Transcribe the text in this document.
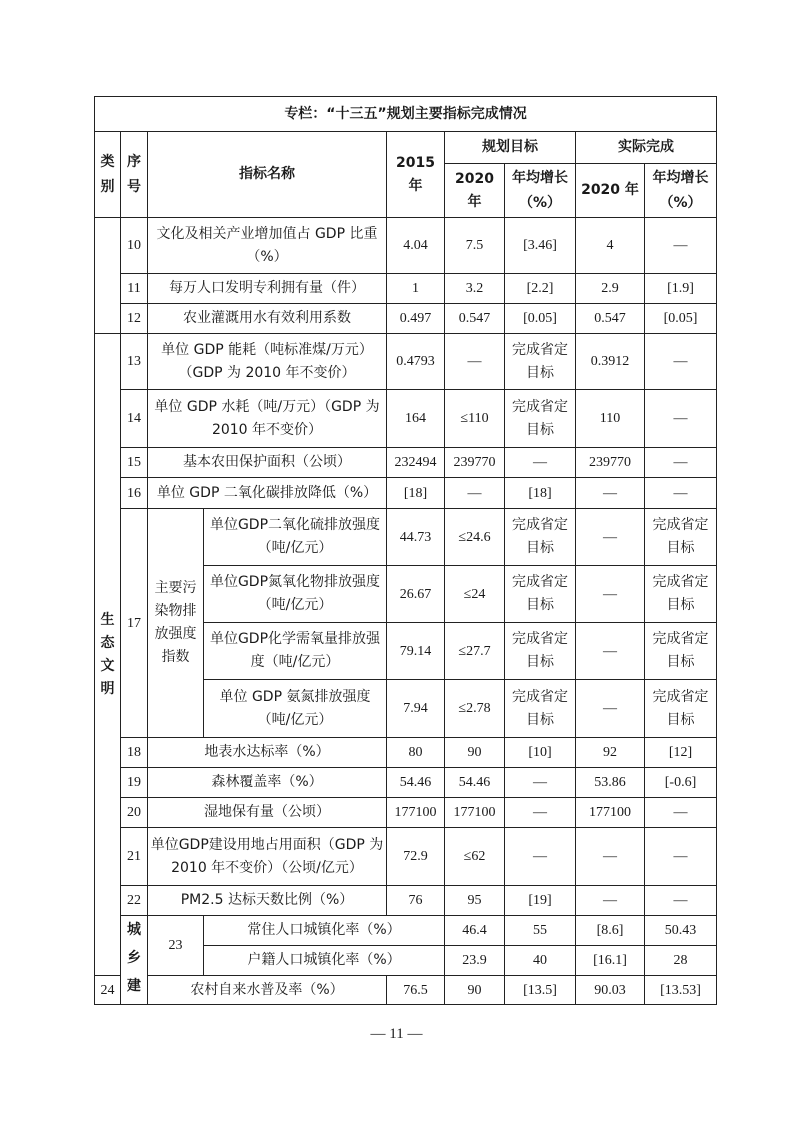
专栏：“十三五”规划主要指标完成情况									
类别	序号	指标名称		2015 年	规划目标		实际完成		
					2020 年	年均增长（%）	2020 年	年均增长（%）	
	10	文化及相关产业增加值占 GDP 比重（%）		4.04	7.5	[3.46]	4	—	
	11	每万人口发明专利拥有量（件）		1	3.2	[2.2]	2.9	[1.9]	
	12	农业灌溉用水有效利用系数		0.497	0.547	[0.05]	0.547	[0.05]	
生态文明	13	单位 GDP 能耗（吨标准煤/万元）（GDP 为 2010 年不变价）		0.4793	—	完成省定目标	0.3912	—	
	14	单位 GDP 水耗（吨/万元）（GDP 为 2010 年不变价）		164	≤110	完成省定目标	110	—	
	15	基本农田保护面积（公顷）		232494	239770	—	239770	—	
	16	单位 GDP 二氧化碳排放降低（%）		[18]	—	[18]	—	—	
	17	主要污染物排放强度指数	单位GDP二氧化硫排放强度（吨/亿元）	44.73	≤24.6	完成省定目标	—	完成省定目标	
			单位GDP氮氧化物排放强度（吨/亿元）	26.67	≤24	完成省定目标	—	完成省定目标	
			单位GDP化学需氧量排放强度（吨/亿元）	79.14	≤27.7	完成省定目标	—	完成省定目标	
			单位 GDP 氨氮排放强度（吨/亿元）	7.94	≤2.78	完成省定目标	—	完成省定目标	
	18	地表水达标率（%）		80	90	[10]	92	[12]	
	19	森林覆盖率（%）		54.46	54.46	—	53.86	[-0.6]	
	20	湿地保有量（公顷）		177100	177100	—	177100	—	
	21	单位GDP建设用地占用面积（GDP 为 2010 年不变价）（公顷/亿元）		72.9	≤62	—	—	—	
	22	PM2.5 达标天数比例（%）		76	95	[19]	—	—	
	城乡建	23	常住人口城镇化率（%）		46.4	55	[8.6]	50.43	
			户籍人口城镇化率（%）		23.9	40	[16.1]	28	
24		农村自来水普及率（%）		76.5	90	[13.5]	90.03	[13.53]	
— 11 —
